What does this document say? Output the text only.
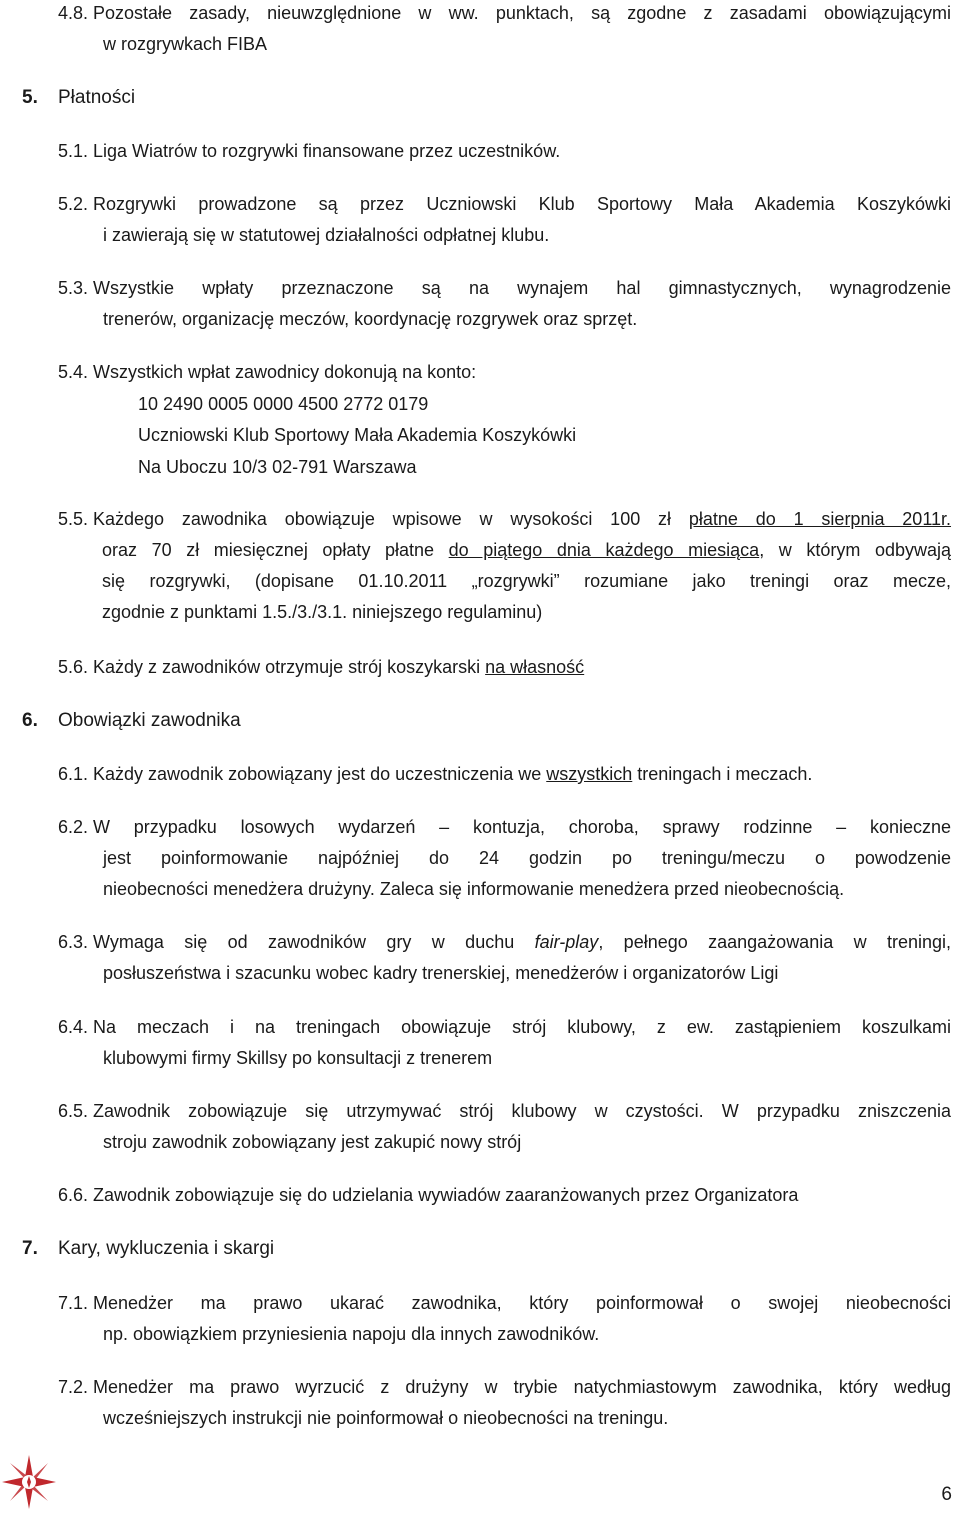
4.8. Pozostałe zasady, nieuwzględnione w ww. punktach, są zgodne z zasadami obowiązującymi
w rozgrywkach FIBA
5. Płatności
5.1. Liga Wiatrów to rozgrywki finansowane przez uczestników.
5.2. Rozgrywki prowadzone są przez Uczniowski Klub Sportowy Mała Akademia Koszykówki
i zawierają się w statutowej działalności odpłatnej klubu.
5.3. Wszystkie wpłaty przeznaczone są na wynajem hal gimnastycznych, wynagrodzenie
trenerów, organizację meczów, koordynację rozgrywek oraz sprzęt.
5.4. Wszystkich wpłat zawodnicy dokonują na konto:
10 2490 0005 0000 4500 2772 0179
Uczniowski Klub Sportowy Mała Akademia Koszykówki
Na Uboczu 10/3 02-791 Warszawa
5.5. Każdego zawodnika obowiązuje wpisowe w wysokości 100 zł płatne do 1 sierpnia 2011r.
oraz 70 zł miesięcznej opłaty płatne do piątego dnia każdego miesiąca, w którym odbywają
się rozgrywki, (dopisane 01.10.2011 „rozgrywki” rozumiane jako treningi oraz mecze,
zgodnie z punktami 1.5./3./3.1. niniejszego regulaminu)
5.6. Każdy z zawodników otrzymuje strój koszykarski na własność
6. Obowiązki zawodnika
6.1. Każdy zawodnik zobowiązany jest do uczestniczenia we wszystkich treningach i meczach.
6.2. W przypadku losowych wydarzeń – kontuzja, choroba, sprawy rodzinne – konieczne
jest poinformowanie najpóźniej do 24 godzin po treningu/meczu o powodzenie
nieobecności menedżera drużyny. Zaleca się informowanie menedżera przed nieobecnością.
6.3. Wymaga się od zawodników gry w duchu fair-play, pełnego zaangażowania w treningi,
posłuszeństwa i szacunku wobec kadry trenerskiej, menedżerów i organizatorów Ligi
6.4. Na meczach i na treningach obowiązuje strój klubowy, z ew. zastąpieniem koszulkami
klubowymi firmy Skillsy po konsultacji z trenerem
6.5. Zawodnik zobowiązuje się utrzymywać strój klubowy w czystości. W przypadku zniszczenia
stroju zawodnik zobowiązany jest zakupić nowy strój
6.6. Zawodnik zobowiązuje się do udzielania wywiadów zaaranżowanych przez Organizatora
7. Kary, wykluczenia i skargi
7.1. Menedżer ma prawo ukarać zawodnika, który poinformował o swojej nieobecności
np. obowiązkiem przyniesienia napoju dla innych zawodników.
7.2. Menedżer ma prawo wyrzucić z drużyny w trybie natychmiastowym zawodnika, który według
wcześniejszych instrukcji nie poinformował o nieobecności na treningu.
6
